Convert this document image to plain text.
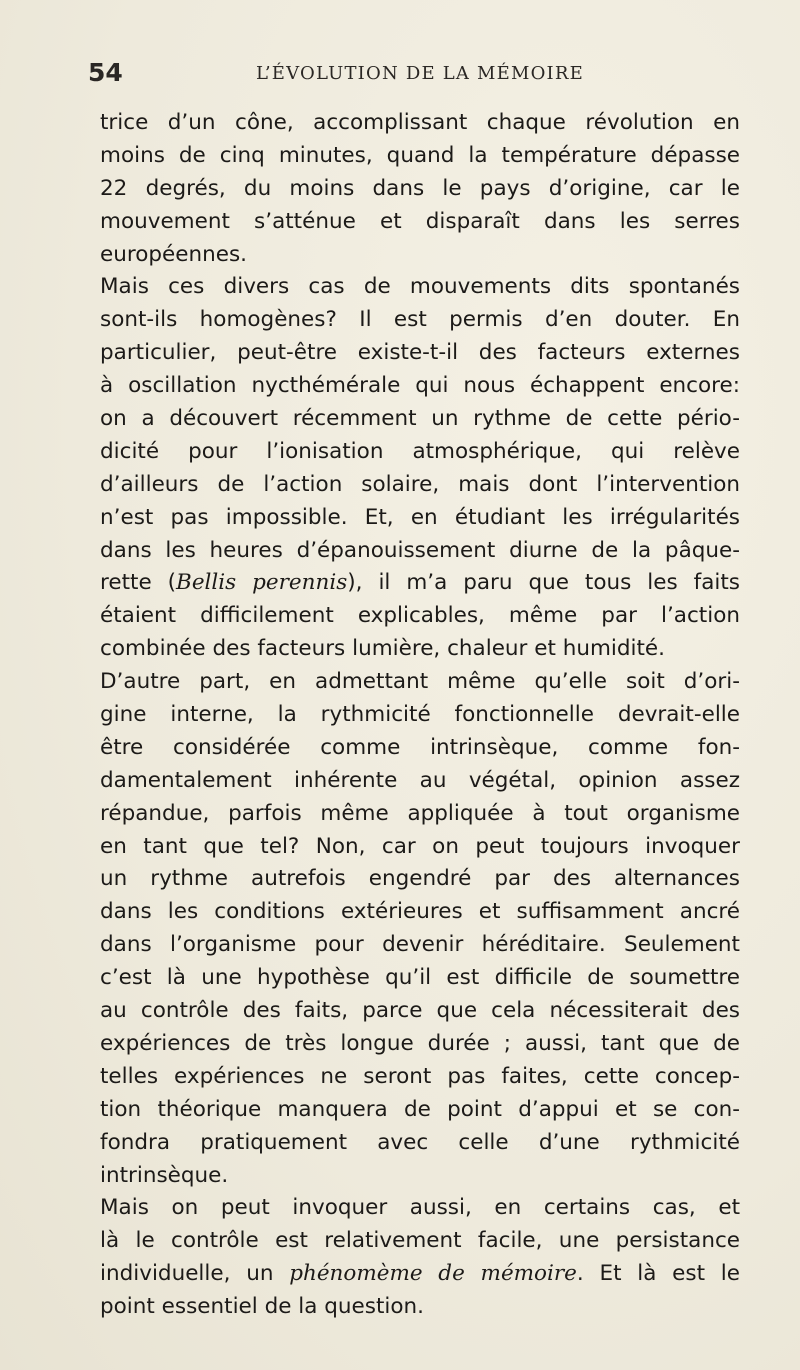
54	L’ÉVOLUTION DE LA MÉMOIRE
trice d’un cône, accomplissant chaque révolution en
moins de cinq minutes, quand la température dépasse
22 degrés, du moins dans le pays d’origine, car le
mouvement s’atténue et disparaît dans les serres
européennes.
Mais ces divers cas de mouvements dits spontanés
sont-ils homogènes? Il est permis d’en douter. En
particulier, peut-être existe-t-il des facteurs externes
à oscillation nycthémérale qui nous échappent encore:
on a découvert récemment un rythme de cette pério-
dicité pour l’ionisation atmosphérique, qui relève
d’ailleurs de l’action solaire, mais dont l’intervention
n’est pas impossible. Et, en étudiant les irrégularités
dans les heures d’épanouissement diurne de la pâque-
rette (Bellis perennis), il m’a paru que tous les faits
étaient difficilement explicables, même par l’action
combinée des facteurs lumière, chaleur et humidité.
D’autre part, en admettant même qu’elle soit d’ori-
gine interne, la rythmicité fonctionnelle devrait-elle
être considérée comme intrinsèque, comme fon-
damentalement inhérente au végétal, opinion assez
répandue, parfois même appliquée à tout organisme
en tant que tel? Non, car on peut toujours invoquer
un rythme autrefois engendré par des alternances
dans les conditions extérieures et suffisamment ancré
dans l’organisme pour devenir héréditaire. Seulement
c’est là une hypothèse qu’il est difficile de soumettre
au contrôle des faits, parce que cela nécessiterait des
expériences de très longue durée ; aussi, tant que de
telles expériences ne seront pas faites, cette concep-
tion théorique manquera de point d’appui et se con-
fondra pratiquement avec celle d’une rythmicité
intrinsèque.
Mais on peut invoquer aussi, en certains cas, et
là le contrôle est relativement facile, une persistance
individuelle, un phénomème de mémoire. Et là est le
point essentiel de la question.
